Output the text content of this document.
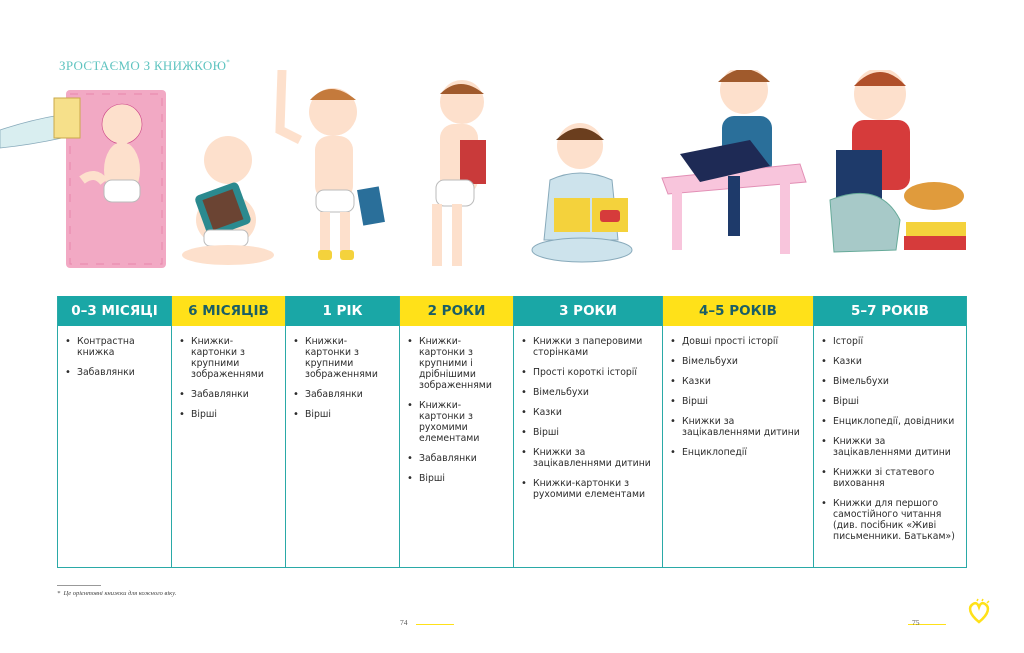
ЗРОСТАЄМО З КНИЖКОЮ*
0–3 МІСЯЦІ
• Контрастна книжка
• Забавлянки
6 МІСЯЦІВ
• Книжки-картонки з крупними зображеннями
• Забавлянки
• Вірші
1 РІК
• Книжки-картонки з крупними зображеннями
• Забавлянки
• Вірші
2 РОКИ
• Книжки-картонки з крупними і дрібнішими зображеннями
• Книжки-картонки з рухомими елементами
• Забавлянки
• Вірші
3 РОКИ
• Книжки з паперовими сторінками
• Прості короткі історії
• Вімельбухи
• Казки
• Вірші
• Книжки за зацікавленнями дитини
• Книжки-картонки з рухомими елементами
4–5 РОКІВ
• Довші прості історії
• Вімельбухи
• Казки
• Вірші
• Книжки за зацікавленнями дитини
• Енциклопедії
5–7 РОКІВ
• Історії
• Казки
• Вімельбухи
• Вірші
• Енциклопедії, довідники
• Книжки за зацікавленнями дитини
• Книжки зі статевого виховання
• Книжки для першого самостійного читання (див. посібник «Живі письменники. Батькам»)
* Це орієнтовні книжки для кожного віку.
74	75
